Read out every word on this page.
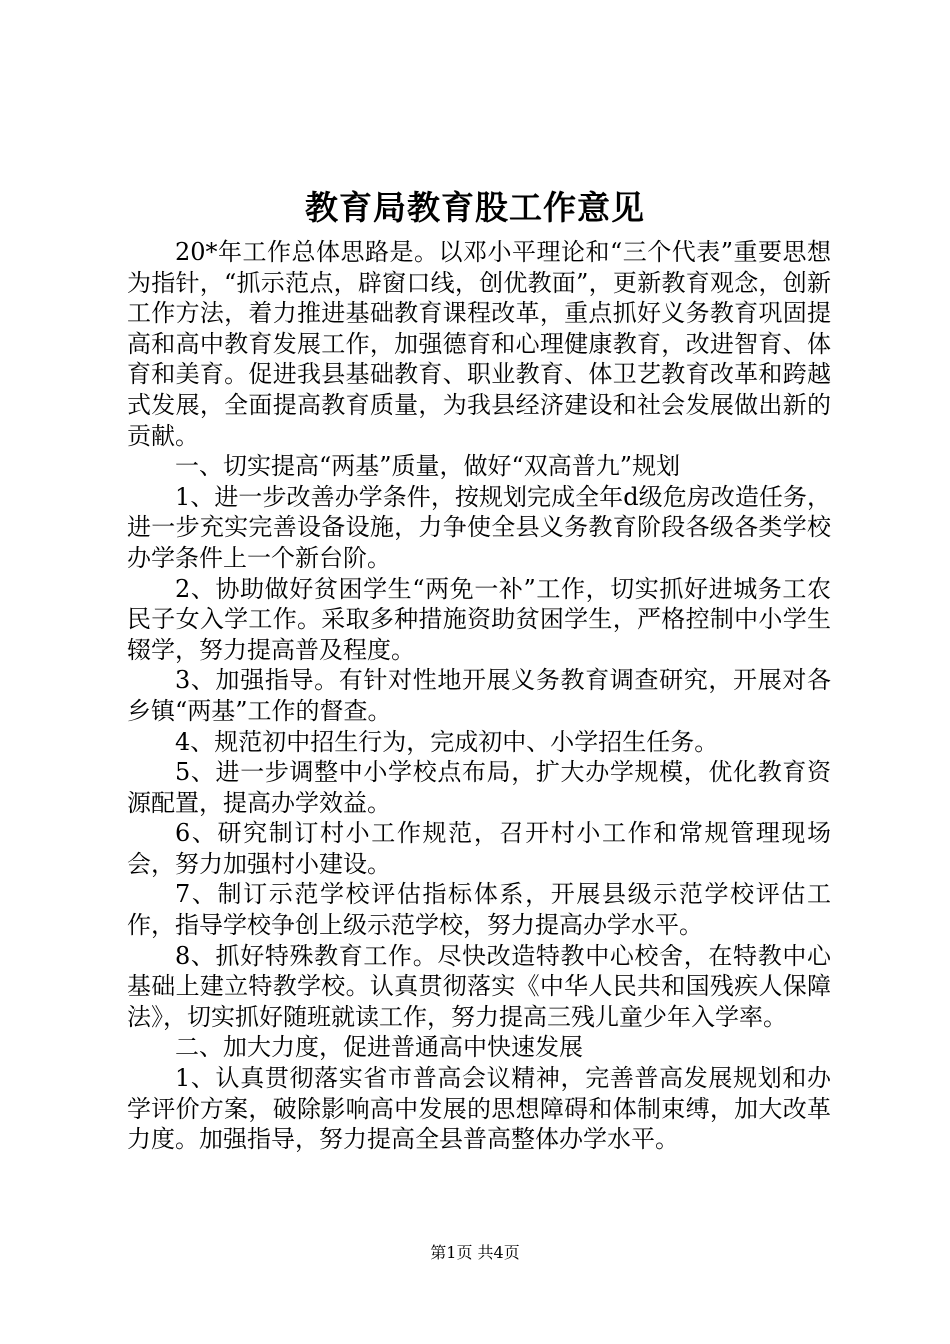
教育局教育股工作意见

20*年工作总体思路是。以邓小平理论和“三个代表”重要思想为指针，“抓示范点，辟窗口线，创优教面”，更新教育观念，创新工作方法，着力推进基础教育课程改革，重点抓好义务教育巩固提高和高中教育发展工作，加强德育和心理健康教育，改进智育、体育和美育。促进我县基础教育、职业教育、体卫艺教育改革和跨越式发展，全面提高教育质量，为我县经济建设和社会发展做出新的贡献。

一、切实提高“两基”质量，做好“双高普九”规划

1、进一步改善办学条件，按规划完成全年d级危房改造任务，进一步充实完善设备设施，力争使全县义务教育阶段各级各类学校办学条件上一个新台阶。

2、协助做好贫困学生“两免一补”工作，切实抓好进城务工农民子女入学工作。采取多种措施资助贫困学生，严格控制中小学生辍学，努力提高普及程度。

3、加强指导。有针对性地开展义务教育调查研究，开展对各乡镇“两基”工作的督查。

4、规范初中招生行为，完成初中、小学招生任务。

5、进一步调整中小学校点布局，扩大办学规模，优化教育资源配置，提高办学效益。

6、研究制订村小工作规范，召开村小工作和常规管理现场会，努力加强村小建设。

7、制订示范学校评估指标体系，开展县级示范学校评估工作，指导学校争创上级示范学校，努力提高办学水平。

8、抓好特殊教育工作。尽快改造特教中心校舍，在特教中心基础上建立特教学校。认真贯彻落实《中华人民共和国残疾人保障法》，切实抓好随班就读工作，努力提高三残儿童少年入学率。

二、加大力度，促进普通高中快速发展

1、认真贯彻落实省市普高会议精神，完善普高发展规划和办学评价方案，破除影响高中发展的思想障碍和体制束缚，加大改革力度。加强指导，努力提高全县普高整体办学水平。

第1页 共4页
